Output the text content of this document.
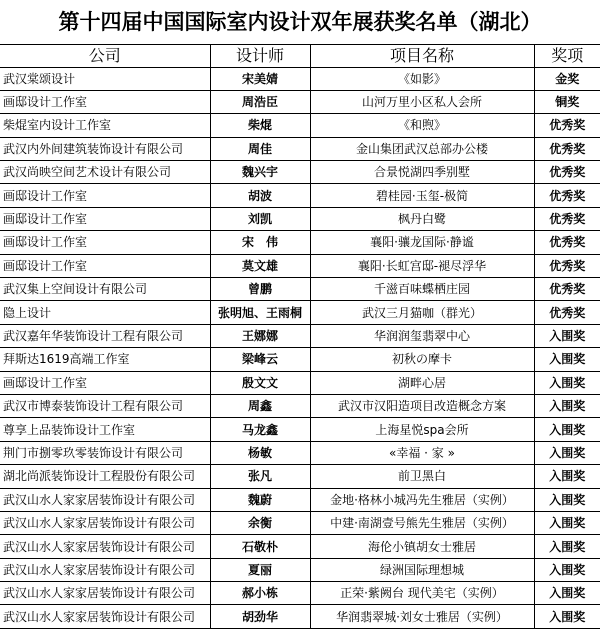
第十四届中国国际室内设计双年展获奖名单（湖北）
公司	设计师	项目名称	奖项
武汉棠颂设计	宋美婧	《如影》	金奖
画邸设计工作室	周浩臣	山河万里小区私人会所	铜奖
柴焜室内设计工作室	柴焜	《和煦》	优秀奖
武汉内外间建筑装饰设计有限公司	周佳	金山集团武汉总部办公楼	优秀奖
武汉尚映空间艺术设计有限公司	魏兴宇	合景悦湖四季别墅	优秀奖
画邸设计工作室	胡波	碧桂园·玉玺-极简	优秀奖
画邸设计工作室	刘凯	枫丹白鹭	优秀奖
画邸设计工作室	宋　伟	襄阳·骧龙国际·静谧	优秀奖
画邸设计工作室	莫文雄	襄阳·长虹宫邸-褪尽浮华	优秀奖
武汉集上空间设计有限公司	曾鹏	千滋百味蝶栖庄园	优秀奖
隐上设计	张明旭、王雨桐	武汉三月猫咖（群光）	优秀奖
武汉嘉年华装饰设计工程有限公司	王娜娜	华润润玺翡翠中心	入围奖
拜斯达1619高端工作室	梁峰云	初秋の摩卡	入围奖
画邸设计工作室	殷文文	湖畔心居	入围奖
武汉市博泰装饰设计工程有限公司	周鑫	武汉市汉阳造项目改造概念方案	入围奖
尊享上品装饰设计工作室	马龙鑫	上海星悦spa会所	入围奖
荆门市捌零玖零装饰设计有限公司	杨敏	«幸福 · 家 »	入围奖
湖北尚派装饰设计工程股份有限公司	张凡	前卫黑白	入围奖
武汉山水人家家居装饰设计有限公司	魏蔚	金地·格林小城冯先生雅居（实例）	入围奖
武汉山水人家家居装饰设计有限公司	余衡	中建·南湖壹号熊先生雅居（实例）	入围奖
武汉山水人家家居装饰设计有限公司	石敬朴	海伦小镇胡女士雅居	入围奖
武汉山水人家家居装饰设计有限公司	夏丽	绿洲国际理想城	入围奖
武汉山水人家家居装饰设计有限公司	郝小栋	正荣·紫阙台 现代美宅（实例）	入围奖
武汉山水人家家居装饰设计有限公司	胡劲华	华润翡翠城·刘女士雅居（实例）	入围奖
